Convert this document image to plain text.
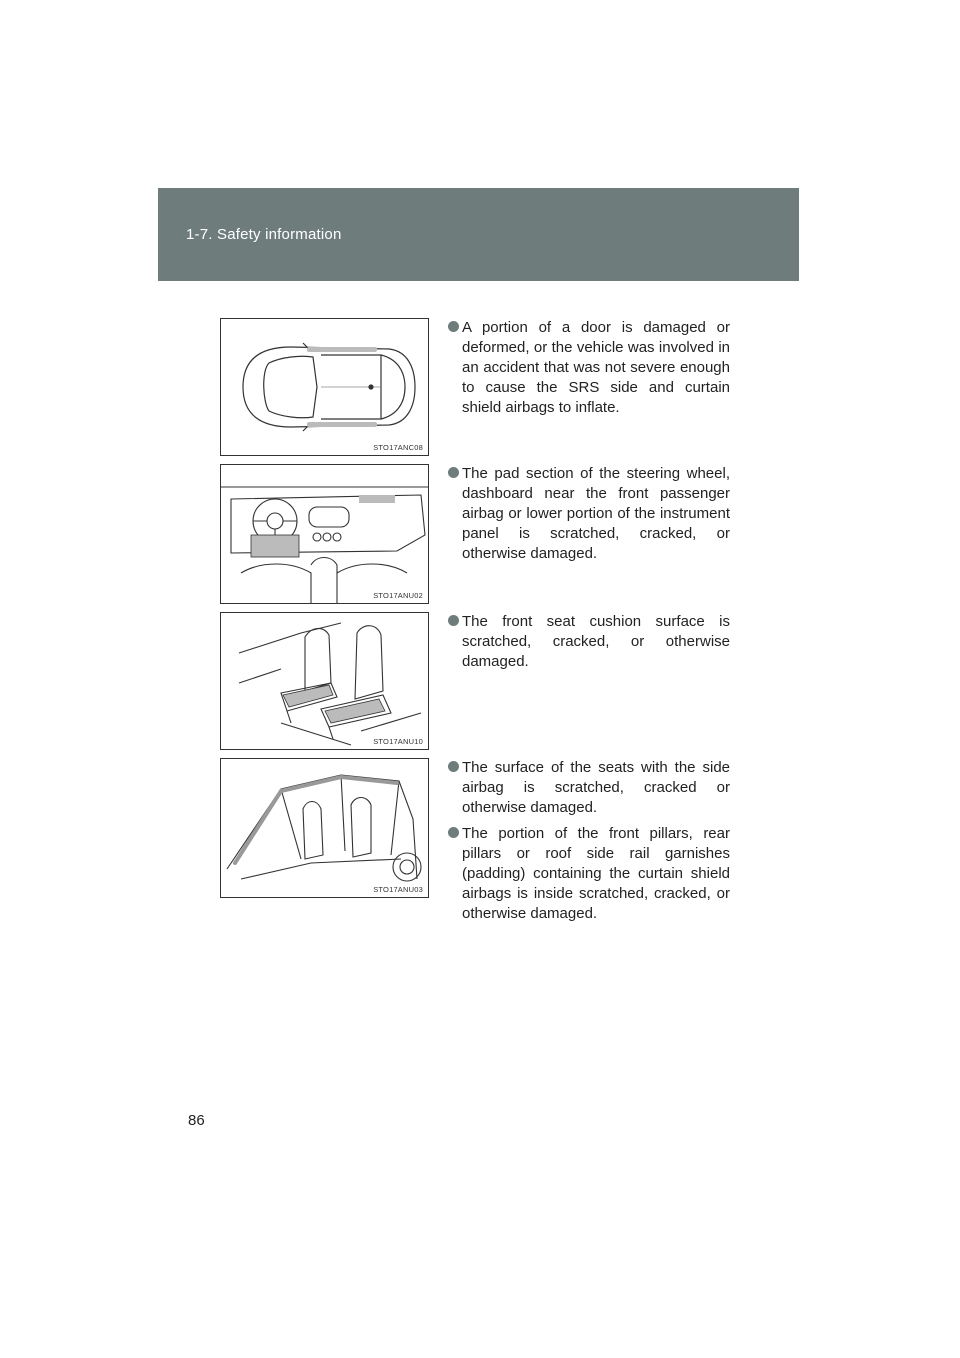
1-7. Safety information
STO17ANC08
STO17ANU02
STO17ANU10
STO17ANU03
A portion of a door is damaged or deformed, or the vehicle was involved in an accident that was not severe enough to cause the SRS side and curtain shield airbags to inflate.
The pad section of the steering wheel, dashboard near the front passenger airbag or lower portion of the instrument panel is scratched, cracked, or otherwise damaged.
The front seat cushion surface is scratched, cracked, or otherwise damaged.
The surface of the seats with the side airbag is scratched, cracked or otherwise damaged.
The portion of the front pillars, rear pillars or roof side rail garnishes (padding) containing the curtain shield airbags is inside scratched, cracked, or otherwise damaged.
86
